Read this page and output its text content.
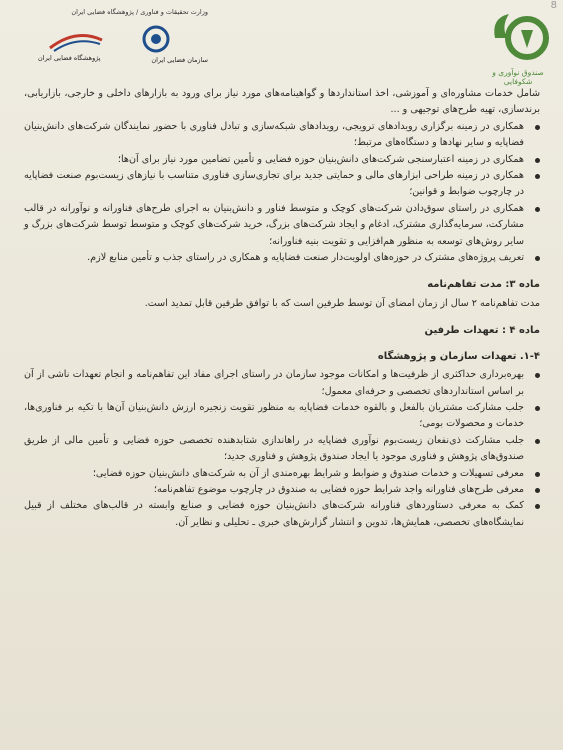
8
وزارت تحقیقات و فناوری / پژوهشگاه فضایی ایران
پژوهشگاه فضایی ایران	سازمان فضایی ایران
صندوق نوآوری و شکوفایی

شامل خدمات مشاوره‌ای و آموزشی، اخذ استانداردها و گواهینامه‌های مورد نیاز برای ورود به بازارهای داخلی و خارجی، بازاریابی، برندسازی، تهیه طرح‌های توجیهی و ...

همکاری در زمینه برگزاری رویدادهای ترویجی، رویدادهای شبکه‌سازی و تبادل فناوری با حضور نمایندگان شرکت‌های دانش‌بنیان فضاپایه و سایر نهادها و دستگاه‌های مرتبط؛
همکاری در زمینه اعتبارسنجی شرکت‌های دانش‌بنیان حوزه فضایی و تأمین تضامین مورد نیاز برای آن‌ها؛
همکاری در زمینه طراحی ابزارهای مالی و حمایتی جدید برای تجاری‌سازی فناوری متناسب با نیازهای زیست‌بوم صنعت فضاپایه در چارچوب ضوابط و قوانین؛
همکاری در راستای سوق‌دادن شرکت‌های کوچک و متوسط فناور و دانش‌بنیان به اجرای طرح‌های فناورانه و نوآورانه در قالب مشارکت، سرمایه‌گذاری مشترک، ادغام و ایجاد شرکت‌های بزرگ، خرید شرکت‌های کوچک و متوسط توسط شرکت‌های بزرگ و سایر روش‌های توسعه به منظور هم‌افزایی و تقویت بنیه فناورانه؛
تعریف پروژه‌های مشترک در حوزه‌های اولویت‌دار صنعت فضاپایه و همکاری در راستای جذب و تأمین منابع لازم.
ماده ۳: مدت تفاهم‌نامه

مدت تفاهم‌نامه ۲ سال از زمان امضای آن توسط طرفین است که با توافق طرفین قابل تمدید است.

ماده ۴ : تعهدات طرفین
۱-۴. تعهدات سازمان و پژوهشگاه
بهره‌برداری حداکثری از ظرفیت‌ها و امکانات موجود سازمان در راستای اجرای مفاد این تفاهم‌نامه و انجام تعهدات ناشی از آن بر اساس استانداردهای تخصصی و حرفه‌ای معمول؛
جلب مشارکت مشتریان بالفعل و بالقوه خدمات فضاپایه به منظور تقویت زنجیره ارزش دانش‌بنیان آن‌ها با تکیه بر فناوری‌ها، خدمات و محصولات بومی؛
جلب مشارکت ذی‌نفعان زیست‌بوم نوآوری فضاپایه در راهاندازی شتابدهنده تخصصی حوزه فضایی و تأمین مالی از طریق صندوق‌های پژوهش و فناوری موجود یا ایجاد صندوق پژوهش و فناوری جدید؛
معرفی تسهیلات و خدمات صندوق و ضوابط و شرایط بهره‌مندی از آن به شرکت‌های دانش‌بنیان حوزه فضایی؛
معرفی طرح‌های فناورانه واجد شرایط حوزه فضایی به صندوق در چارچوب موضوع تفاهم‌نامه؛
کمک به معرفی دستاوردهای فناورانه شرکت‌های دانش‌بنیان حوزه فضایی و صنایع وابسته در قالب‌های مختلف از قبیل نمایشگاه‌های تخصصی، همایش‌ها، تدوین و انتشار گزارش‌های خبری ـ تحلیلی و نظایر آن.
